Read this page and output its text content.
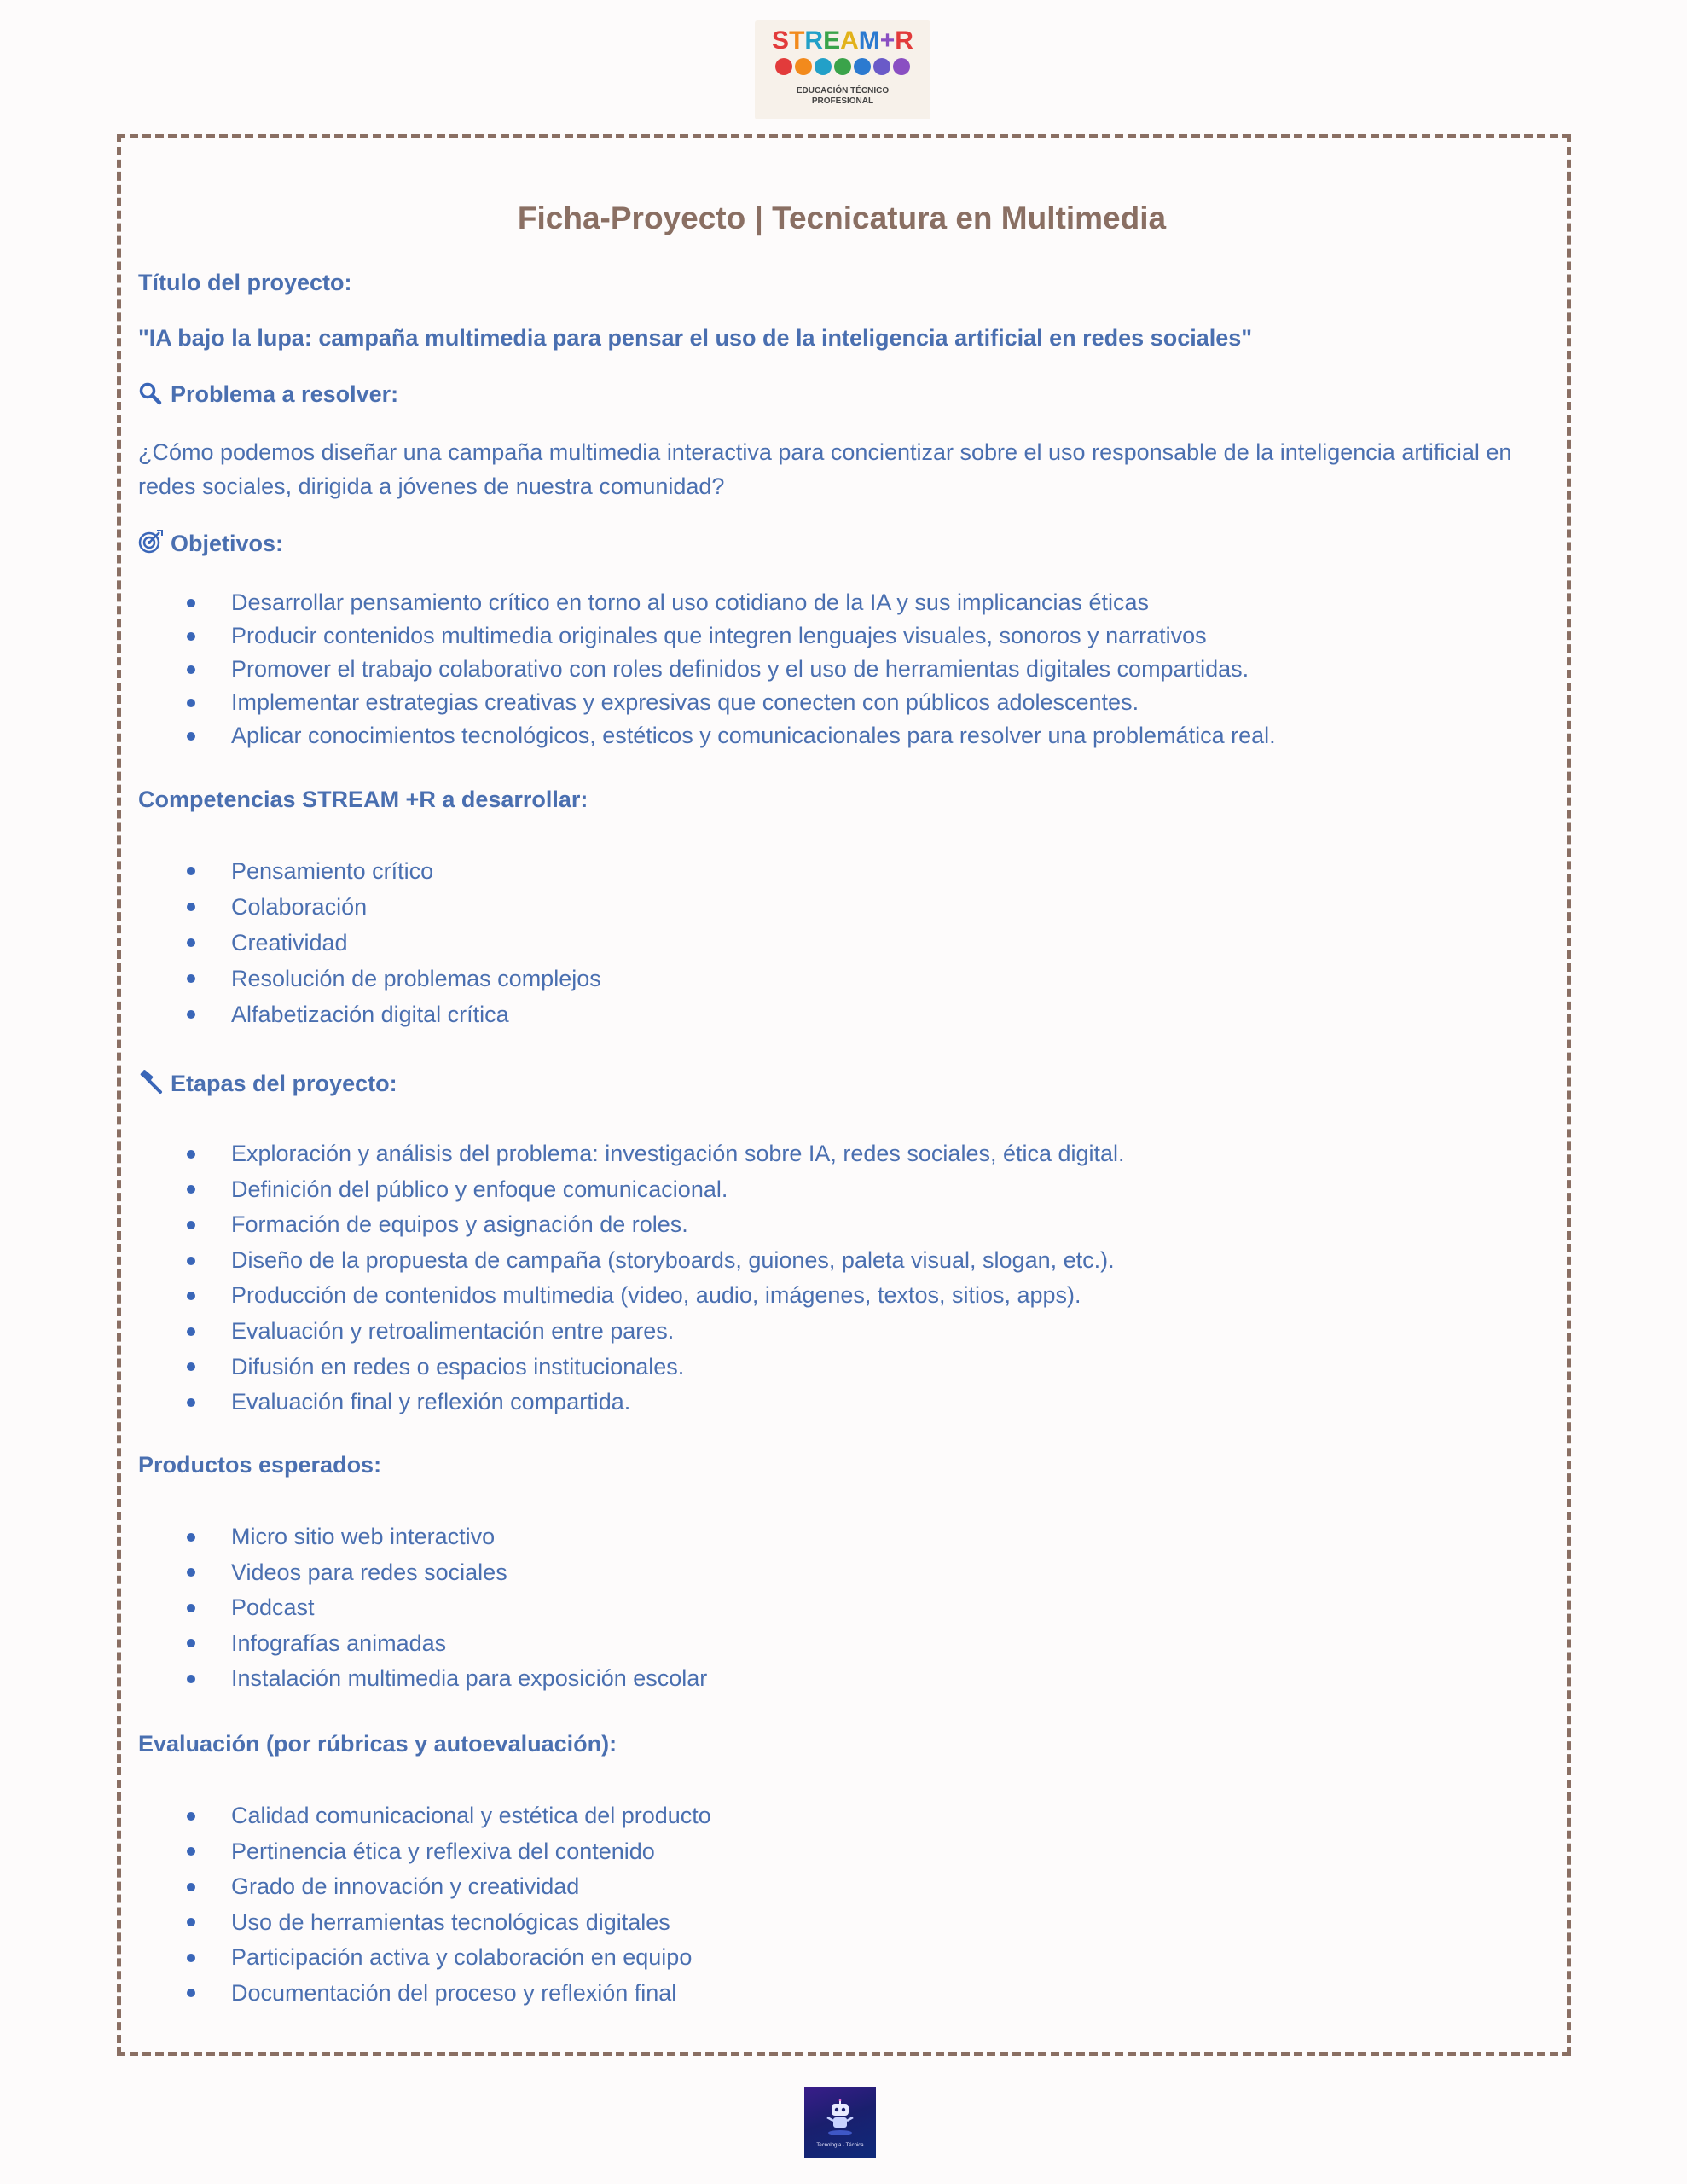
STREAM+R
EDUCACIÓN TÉCNICO
PROFESIONAL
Ficha-Proyecto | Tecnicatura en Multimedia

Título del proyecto:

"IA bajo la lupa: campaña multimedia para pensar el uso de la inteligencia artificial en redes sociales"

Problema a resolver:

¿Cómo podemos diseñar una campaña multimedia interactiva para concientizar sobre el uso responsable de la inteligencia artificial en redes sociales, dirigida a jóvenes de nuestra comunidad?

Objetivos:

Desarrollar pensamiento crítico en torno al uso cotidiano de la IA y sus implicancias éticas
Producir contenidos multimedia originales que integren lenguajes visuales, sonoros y narrativos
Promover el trabajo colaborativo con roles definidos y el uso de herramientas digitales compartidas.
Implementar estrategias creativas y expresivas que conecten con públicos adolescentes.
Aplicar conocimientos tecnológicos, estéticos y comunicacionales para resolver una problemática real.

Competencias STREAM +R a desarrollar:

Pensamiento crítico
Colaboración
Creatividad
Resolución de problemas complejos
Alfabetización digital crítica

Etapas del proyecto:

Exploración y análisis del problema: investigación sobre IA, redes sociales, ética digital.
Definición del público y enfoque comunicacional.
Formación de equipos y asignación de roles.
Diseño de la propuesta de campaña (storyboards, guiones, paleta visual, slogan, etc.).
Producción de contenidos multimedia (video, audio, imágenes, textos, sitios, apps).
Evaluación y retroalimentación entre pares.
Difusión en redes o espacios institucionales.
Evaluación final y reflexión compartida.

Productos esperados:

Micro sitio web interactivo
Videos para redes sociales
Podcast
Infografías animadas
Instalación multimedia para exposición escolar

Evaluación (por rúbricas y autoevaluación):

Calidad comunicacional y estética del producto
Pertinencia ética y reflexiva del contenido
Grado de innovación y creatividad
Uso de herramientas tecnológicas digitales
Participación activa y colaboración en equipo
Documentación del proceso y reflexión final
Tecnología · Técnica
